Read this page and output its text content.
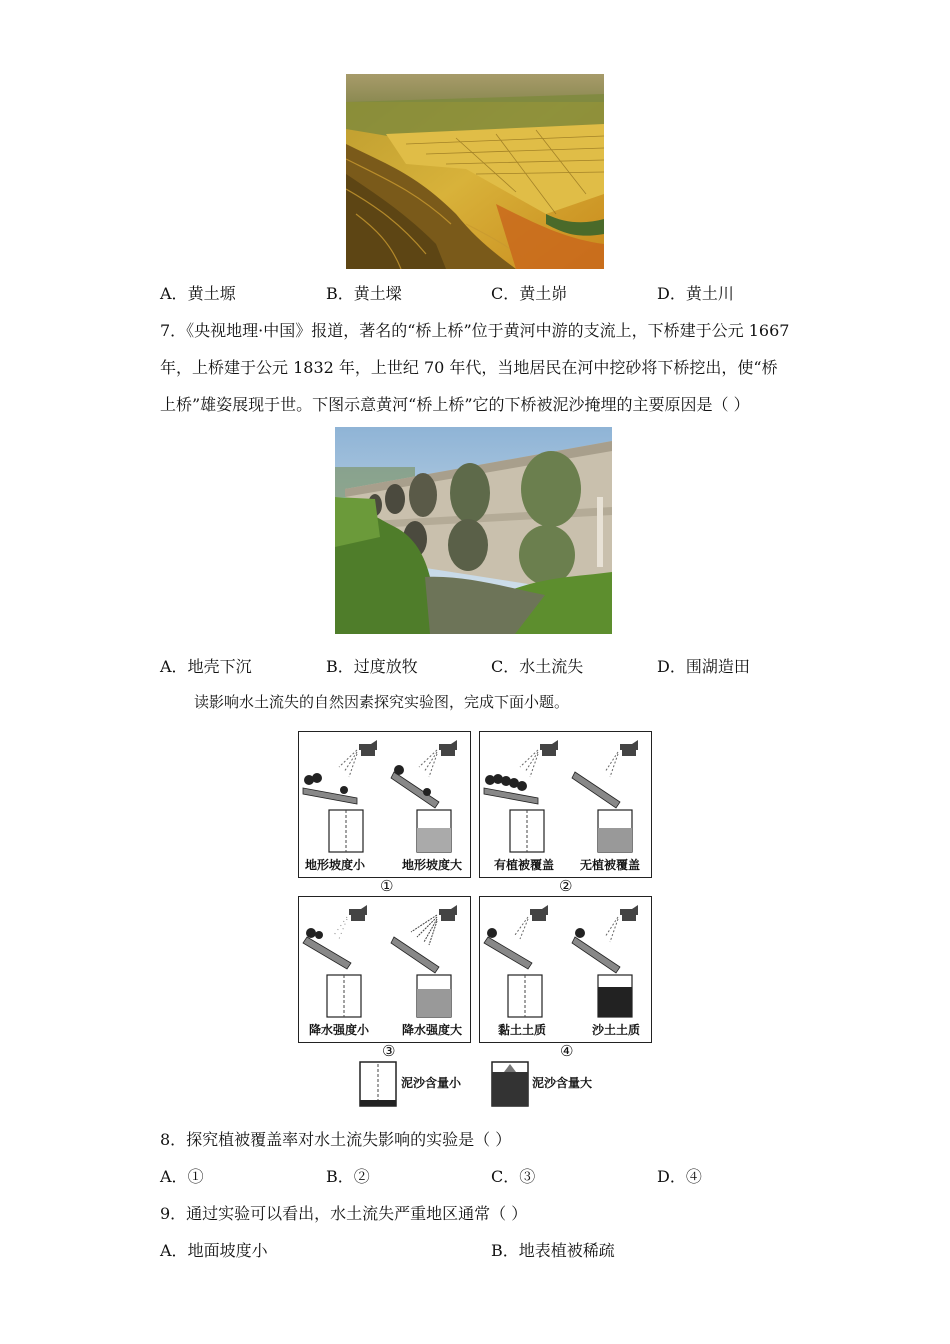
A．黄土塬	B．黄土墚	C．黄土峁	D．黄土川
7．《央视地理·中国》报道，著名的“桥上桥”位于黄河中游的支流上，下桥建于公元 1667
年，上桥建于公元 1832 年，上世纪 70 年代，当地居民在河中挖砂将下桥挖出，使“桥
上桥”雄姿展现于世。下图示意黄河“桥上桥”它的下桥被泥沙掩埋的主要原因是（ ）
A．地壳下沉	B．过度放牧	C．水土流失	D．围湖造田
读影响水土流失的自然因素探究实验图，完成下面小题。
地形坡度小	地形坡度大
①
有植被覆盖 无植被覆盖
②
降水强度小	降水强度大
③
黏土土质	沙土土质
④
泥沙含量小	泥沙含量大
8．探究植被覆盖率对水土流失影响的实验是（ ）
A．①	B．②	C．③	D．④
9．通过实验可以看出，水土流失严重地区通常（ ）
A．地面坡度小	B．地表植被稀疏
